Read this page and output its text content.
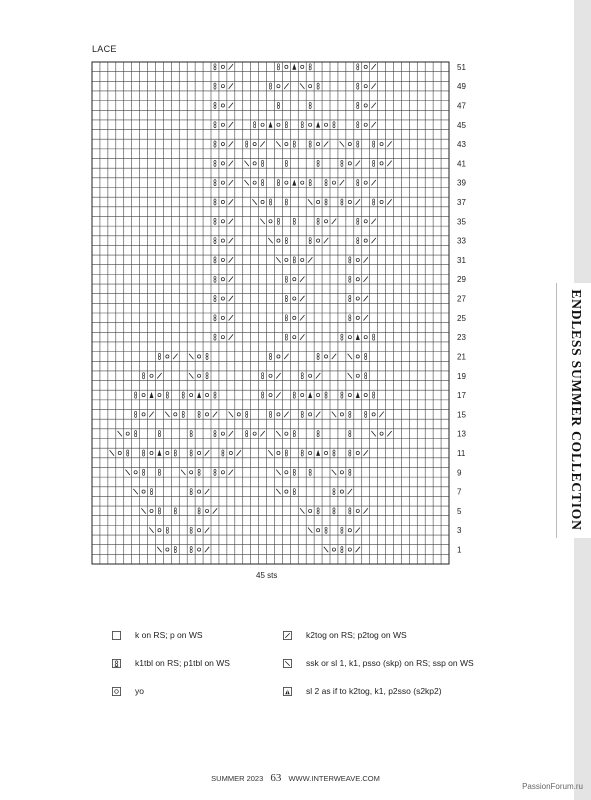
ENDLESS SUMMER COLLECTION
LACE
51
49
47
45
43
41
39
37
35
33
31
29
27
25
23
21
19
17
15
13
11
9
7
5
3
1
45 sts
k on RS; p on WS	k2tog on RS; p2tog on WS
k1tbl on RS; p1tbl on WS	ssk or sl 1, k1, psso (skp) on RS; ssp on WS
yo	sl 2 as if to k2tog, k1, p2sso (s2kp2)
SUMMER 2023 63 WWW.INTERWEAVE.COM
PassionForum.ru
